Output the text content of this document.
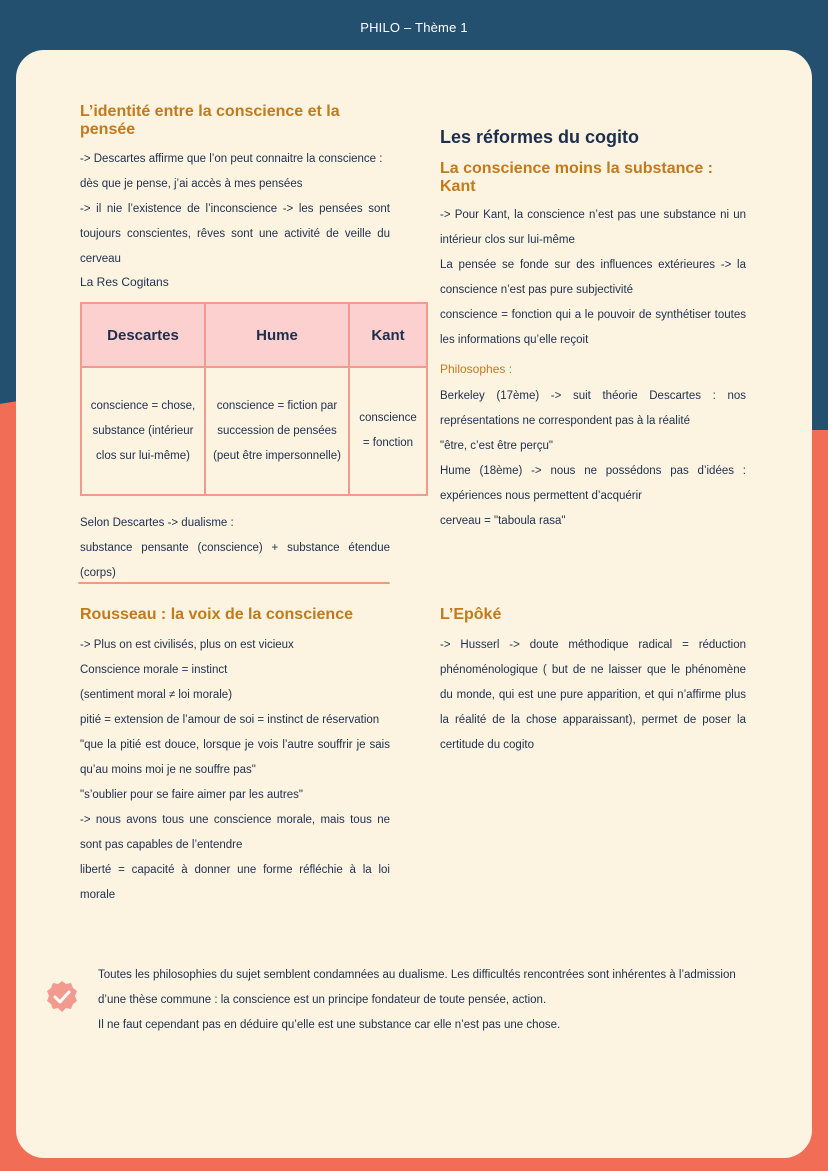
PHILO – Thème 1
L’identité entre la conscience et la pensée

-> Descartes affirme que l’on peut connaitre la conscience :

dès que je pense, j’ai accès à mes pensées

-> il nie l’existence de l’inconscience -> les pensées sont toujours conscientes, rêves sont une activité de veille du cerveau

La Res Cogitans
Descartes	Hume	Kant
conscience = chose, substance (intérieur clos sur lui-même)	conscience = fiction par succession de pensées (peut être impersonnelle)	conscience = fonction

Selon Descartes -> dualisme :

substance pensante (conscience) + substance étendue (corps)

Rousseau : la voix de la conscience

-> Plus on est civilisés, plus on est vicieux

Conscience morale = instinct

(sentiment moral ≠ loi morale)

pitié = extension de l’amour de soi = instinct de réservation

"que la pitié est douce, lorsque je vois l’autre souffrir je sais qu’au moins moi je ne souffre pas"

"s’oublier pour se faire aimer par les autres"

-> nous avons tous une conscience morale, mais tous ne sont pas capables de l’entendre

liberté = capacité à donner une forme réfléchie à la loi morale

Les réformes du cogito
La conscience moins la substance : Kant

-> Pour Kant, la conscience n’est pas une substance ni un intérieur clos sur lui-même

La pensée se fonde sur des influences extérieures -> la conscience n’est pas pure subjectivité

conscience = fonction qui a le pouvoir de synthétiser toutes les informations qu’elle reçoit

Philosophes :

Berkeley (17ème) -> suit théorie Descartes : nos représentations ne correspondent pas à la réalité

"être, c’est être perçu"

Hume (18ème) -> nous ne possédons pas d’idées : expériences nous permettent d’acquérir

cerveau = "taboula rasa"

L’Epôké

-> Husserl -> doute méthodique radical = réduction phénoménologique ( but de ne laisser que le phénomène du monde, qui est une pure apparition, et qui n’affirme plus la réalité de la chose apparaissant), permet de poser la certitude du cogito

Toutes les philosophies du sujet semblent condamnées au dualisme. Les difficultés rencontrées sont inhérentes à l’admission d’une thèse commune : la conscience est un principe fondateur de toute pensée, action.

Il ne faut cependant pas en déduire qu’elle est une substance car elle n’est pas une chose.
